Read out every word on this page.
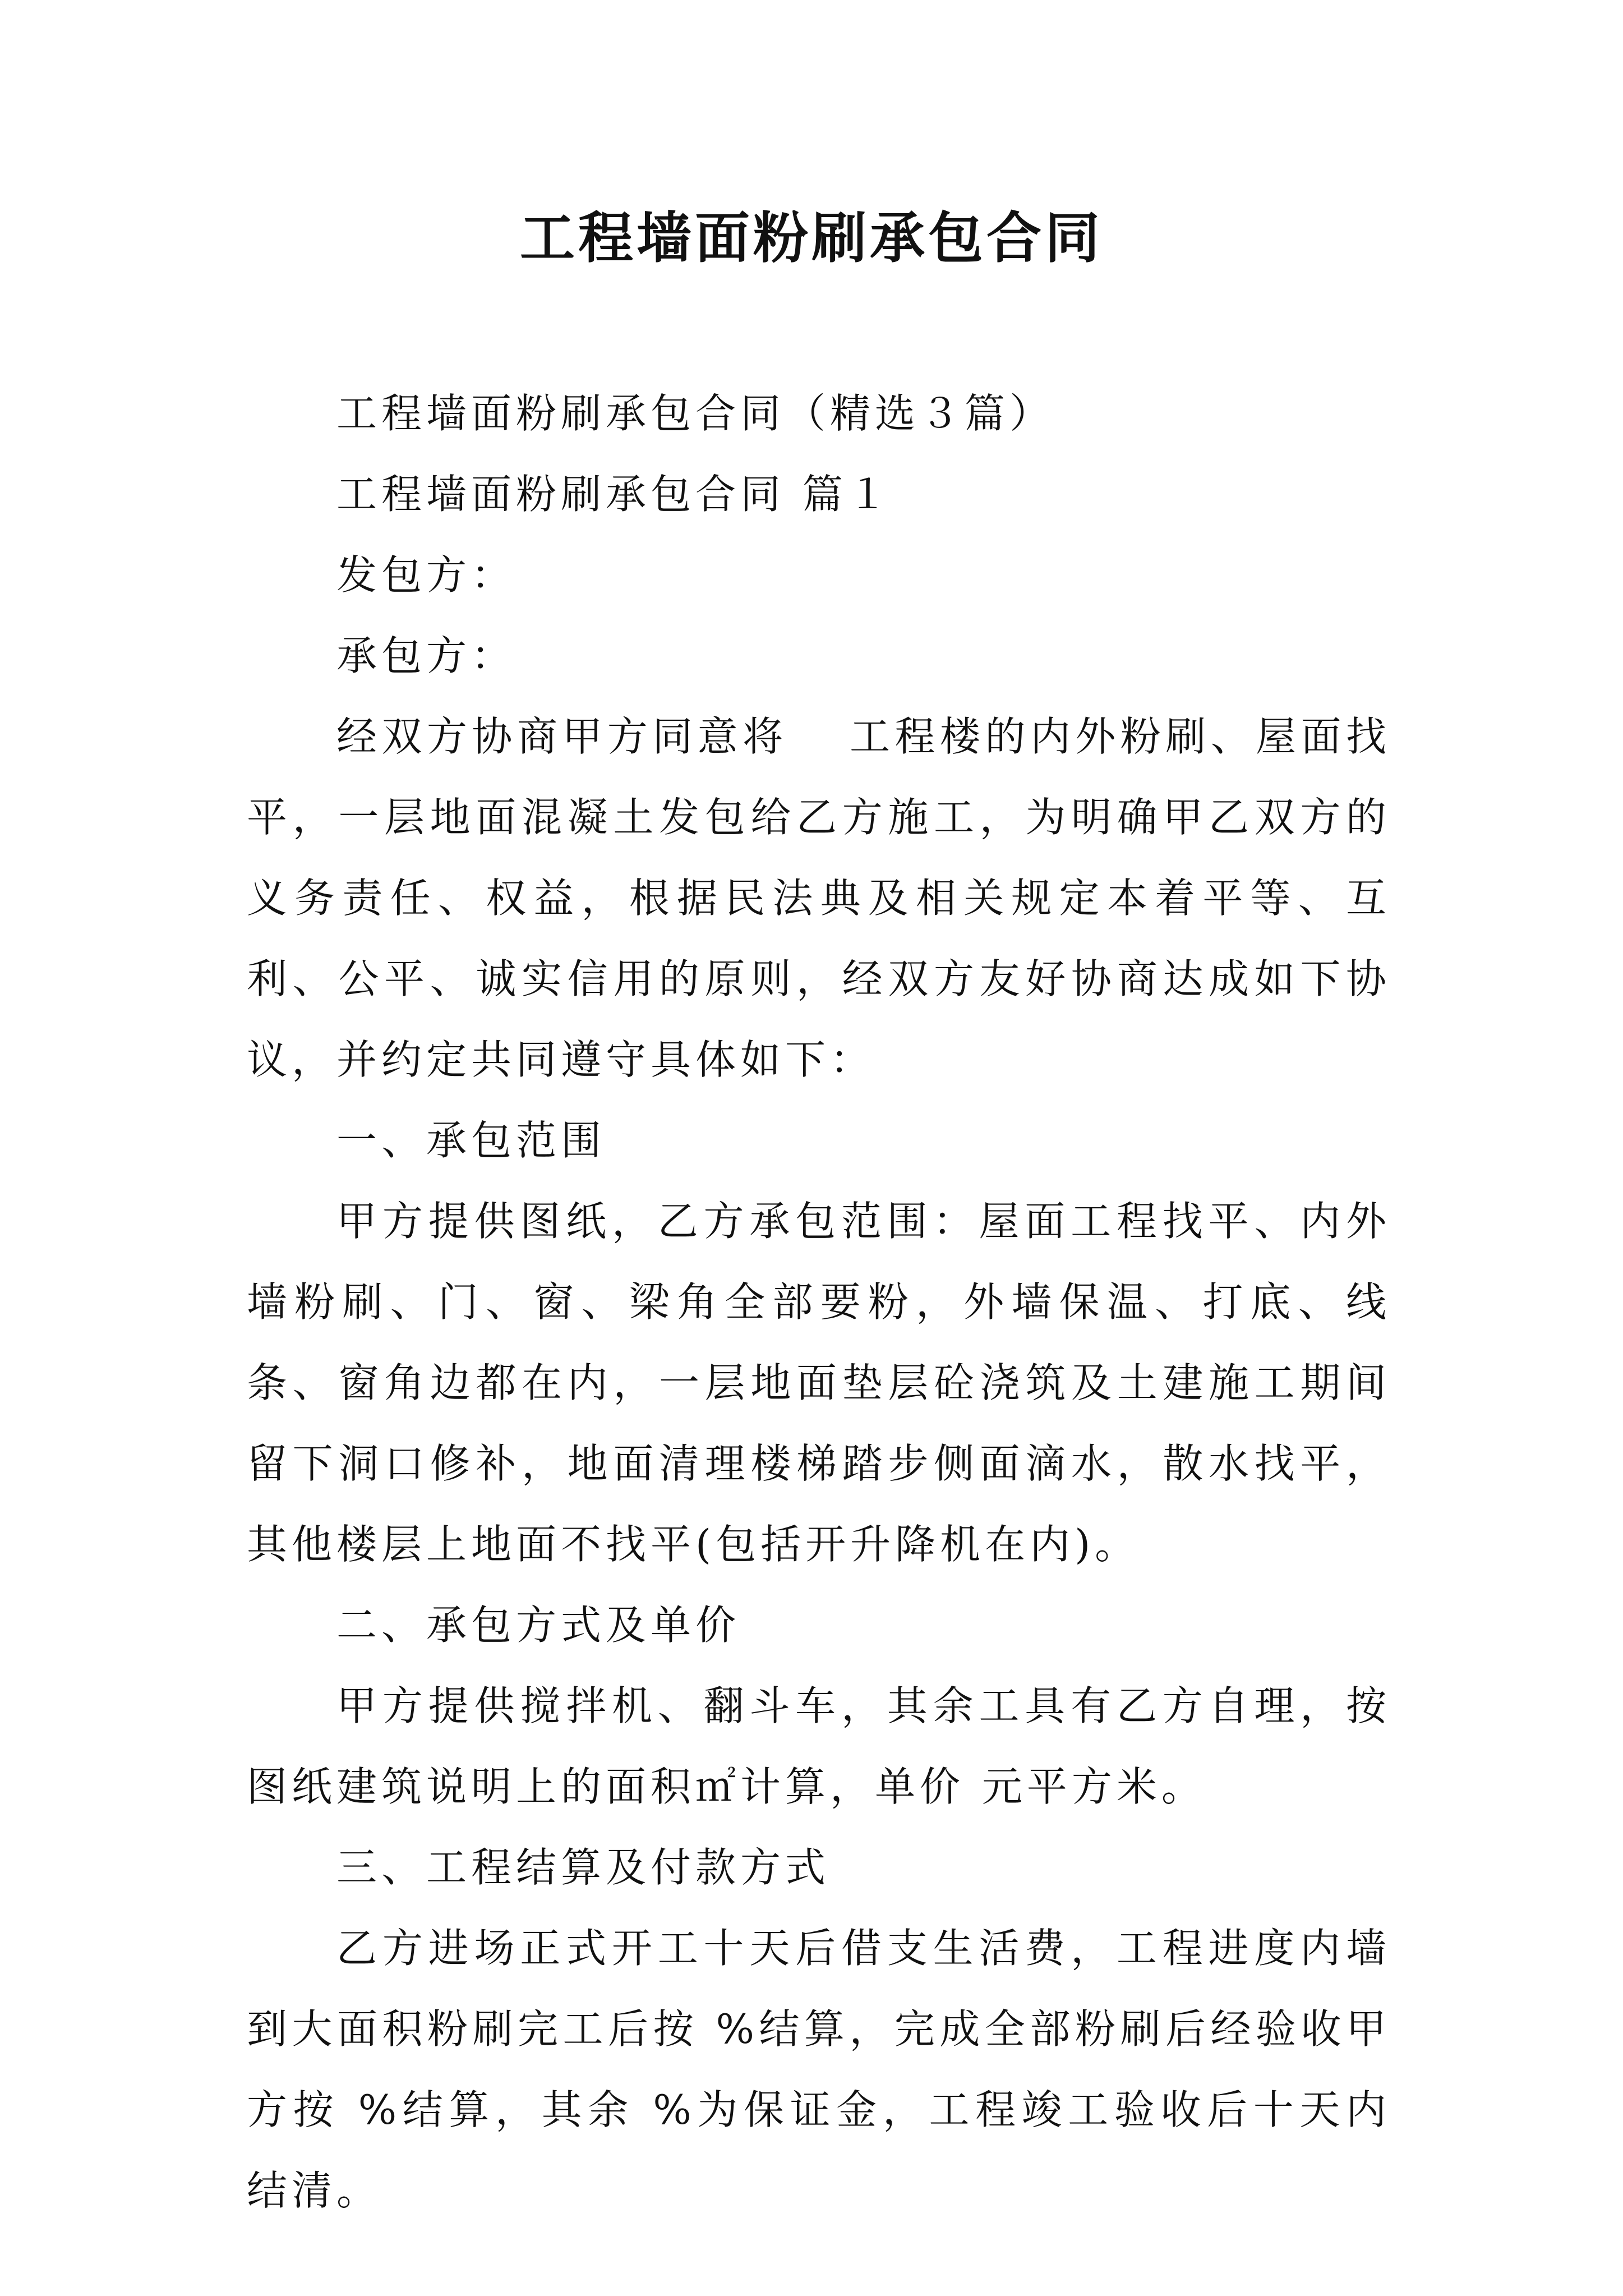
工程墙面粉刷承包合同

工程墙面粉刷承包合同（精选３篇）

工程墙面粉刷承包合同 篇１

发包方：

承包方：

经双方协商甲方同意将 工程楼的内外粉刷、屋面找平，一层地面混凝土发包给乙方施工，为明确甲乙双方的义务责任、权益，根据民法典及相关规定本着平等、互利、公平、诚实信用的原则，经双方友好协商达成如下协议，并约定共同遵守具体如下：

一、承包范围

甲方提供图纸，乙方承包范围：屋面工程找平、内外墙粉刷、门、窗、梁角全部要粉，外墙保温、打底、线条、窗角边都在内，一层地面垫层砼浇筑及土建施工期间留下洞口修补，地面清理楼梯踏步侧面滴水，散水找平，其他楼层上地面不找平(包括开升降机在内)。

二、承包方式及单价

甲方提供搅拌机、翻斗车，其余工具有乙方自理，按图纸建筑说明上的面积㎡计算，单价 元平方米。

三、工程结算及付款方式

乙方进场正式开工十天后借支生活费，工程进度内墙到大面积粉刷完工后按 %结算，完成全部粉刷后经验收甲方按 %结算，其余 %为保证金，工程竣工验收后十天内结清。
